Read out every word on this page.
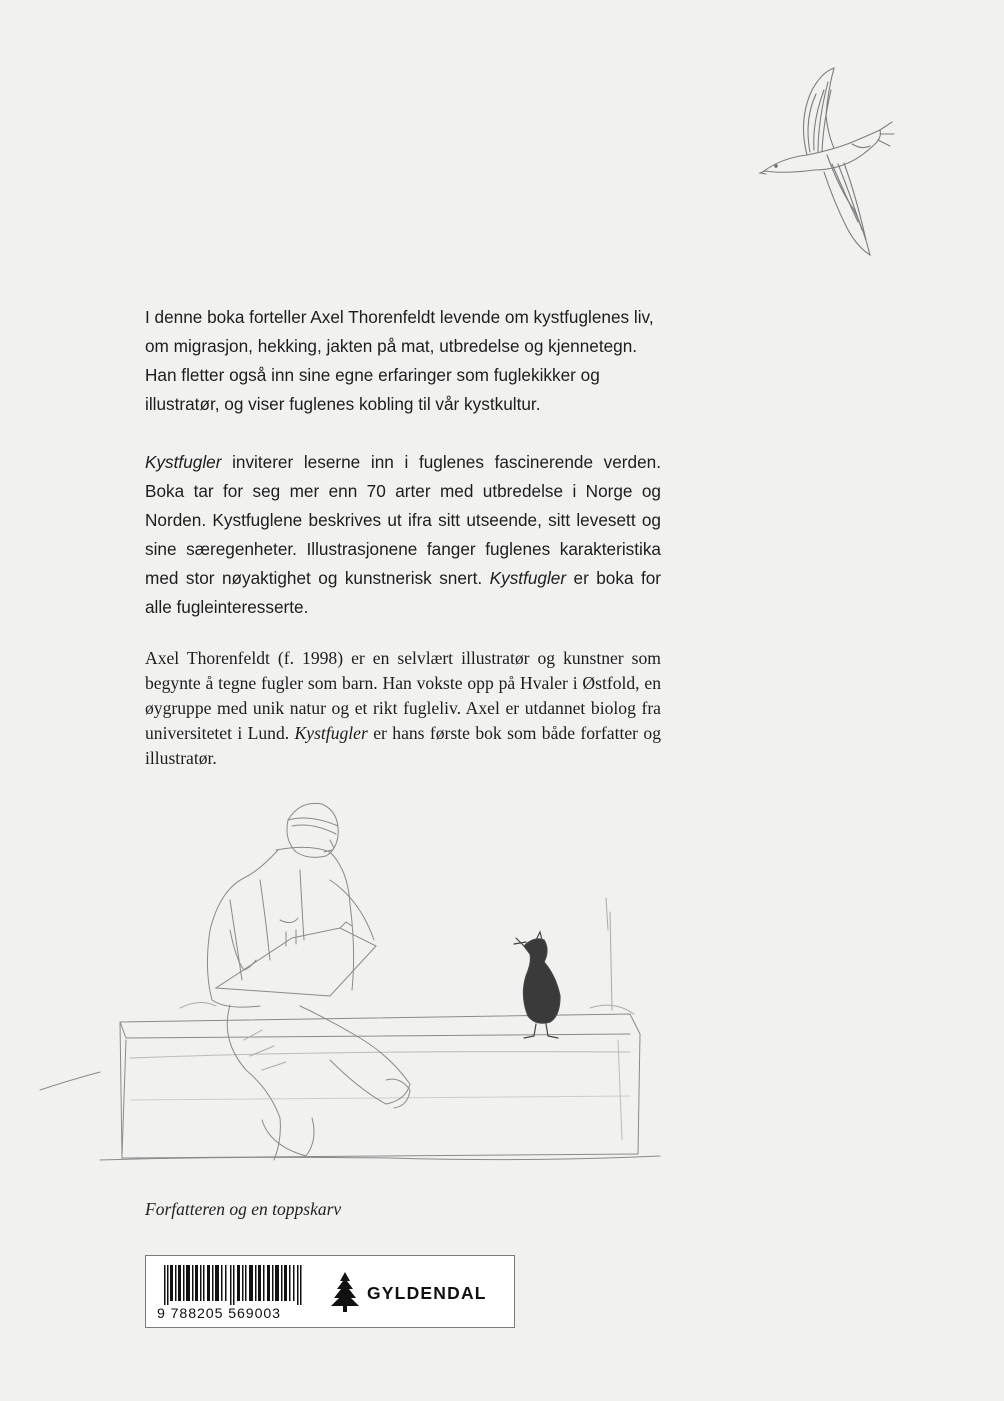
I denne boka forteller Axel Thorenfeldt levende om kystfuglenes liv, om migrasjon, hekking, jakten på mat, utbredelse og kjennetegn. Han fletter også inn sine egne erfaringer som fuglekikker og illustratør, og viser fuglenes kobling til vår kystkultur.

Kystfugler inviterer leserne inn i fuglenes fascinerende verden. Boka tar for seg mer enn 70 arter med utbredelse i Norge og Norden. Kystfuglene beskrives ut ifra sitt utseende, sitt levesett og sine særegenheter. Illustrasjonene fanger fuglenes karakteristika med stor nøyaktighet og kunstnerisk snert. Kystfugler er boka for alle fugleinteresserte.

Axel Thorenfeldt (f. 1998) er en selvlært illustratør og kunstner som begynte å tegne fugler som barn. Han vokste opp på Hvaler i Østfold, en øygruppe med unik natur og et rikt fugleliv. Axel er utdannet biolog fra universitetet i Lund. Kystfugler er hans første bok som både forfatter og illustratør.

Forfatteren og en toppskarv
9 788205 569003
GYLDENDAL
